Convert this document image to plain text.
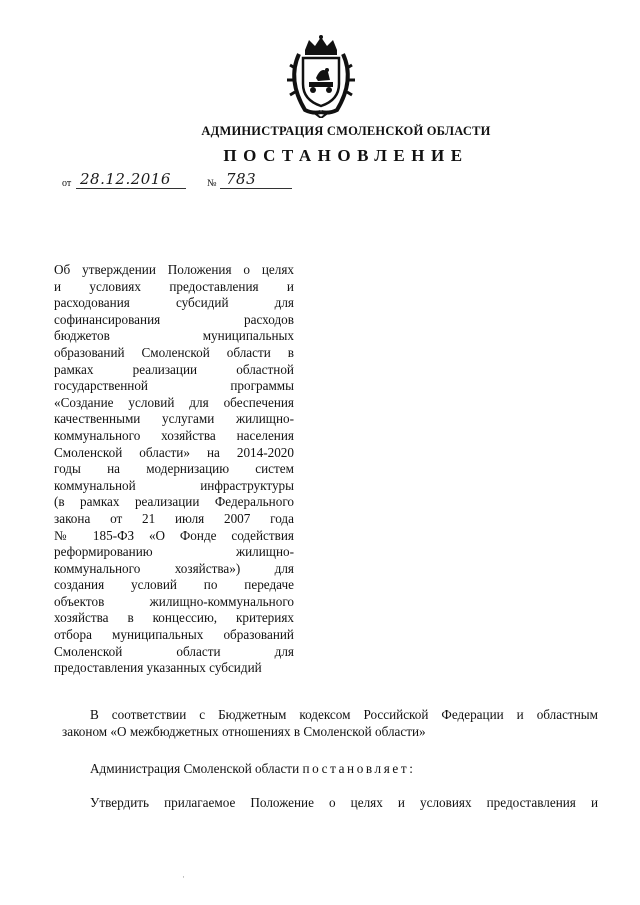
АДМИНИСТРАЦИЯ СМОЛЕНСКОЙ ОБЛАСТИ
ПОСТАНОВЛЕНИЕ
от 28.12.2016	№ 783
Об утверждении Положения о целях
и условиях предоставления и
расходования субсидий для
софинансирования расходов
бюджетов муниципальных
образований Смоленской области в
рамках реализации областной
государственной программы
«Создание условий для обеспечения
качественными услугами жилищно-
коммунального хозяйства населения
Смоленской области» на 2014-2020
годы на модернизацию систем
коммунальной инфраструктуры
(в рамках реализации Федерального
закона от 21 июля 2007 года
№ 185-ФЗ «О Фонде содействия
реформированию жилищно-
коммунального хозяйства») для
создания условий по передаче
объектов жилищно-коммунального
хозяйства в концессию, критериях
отбора муниципальных образований
Смоленской области для
предоставления указанных субсидий
В соответствии с Бюджетным кодексом Российской Федерации и областным
законом «О межбюджетных отношениях в Смоленской области»
Администрация Смоленской области постановляет:
Утвердить прилагаемое Положение о целях и условиях предоставления и
·
